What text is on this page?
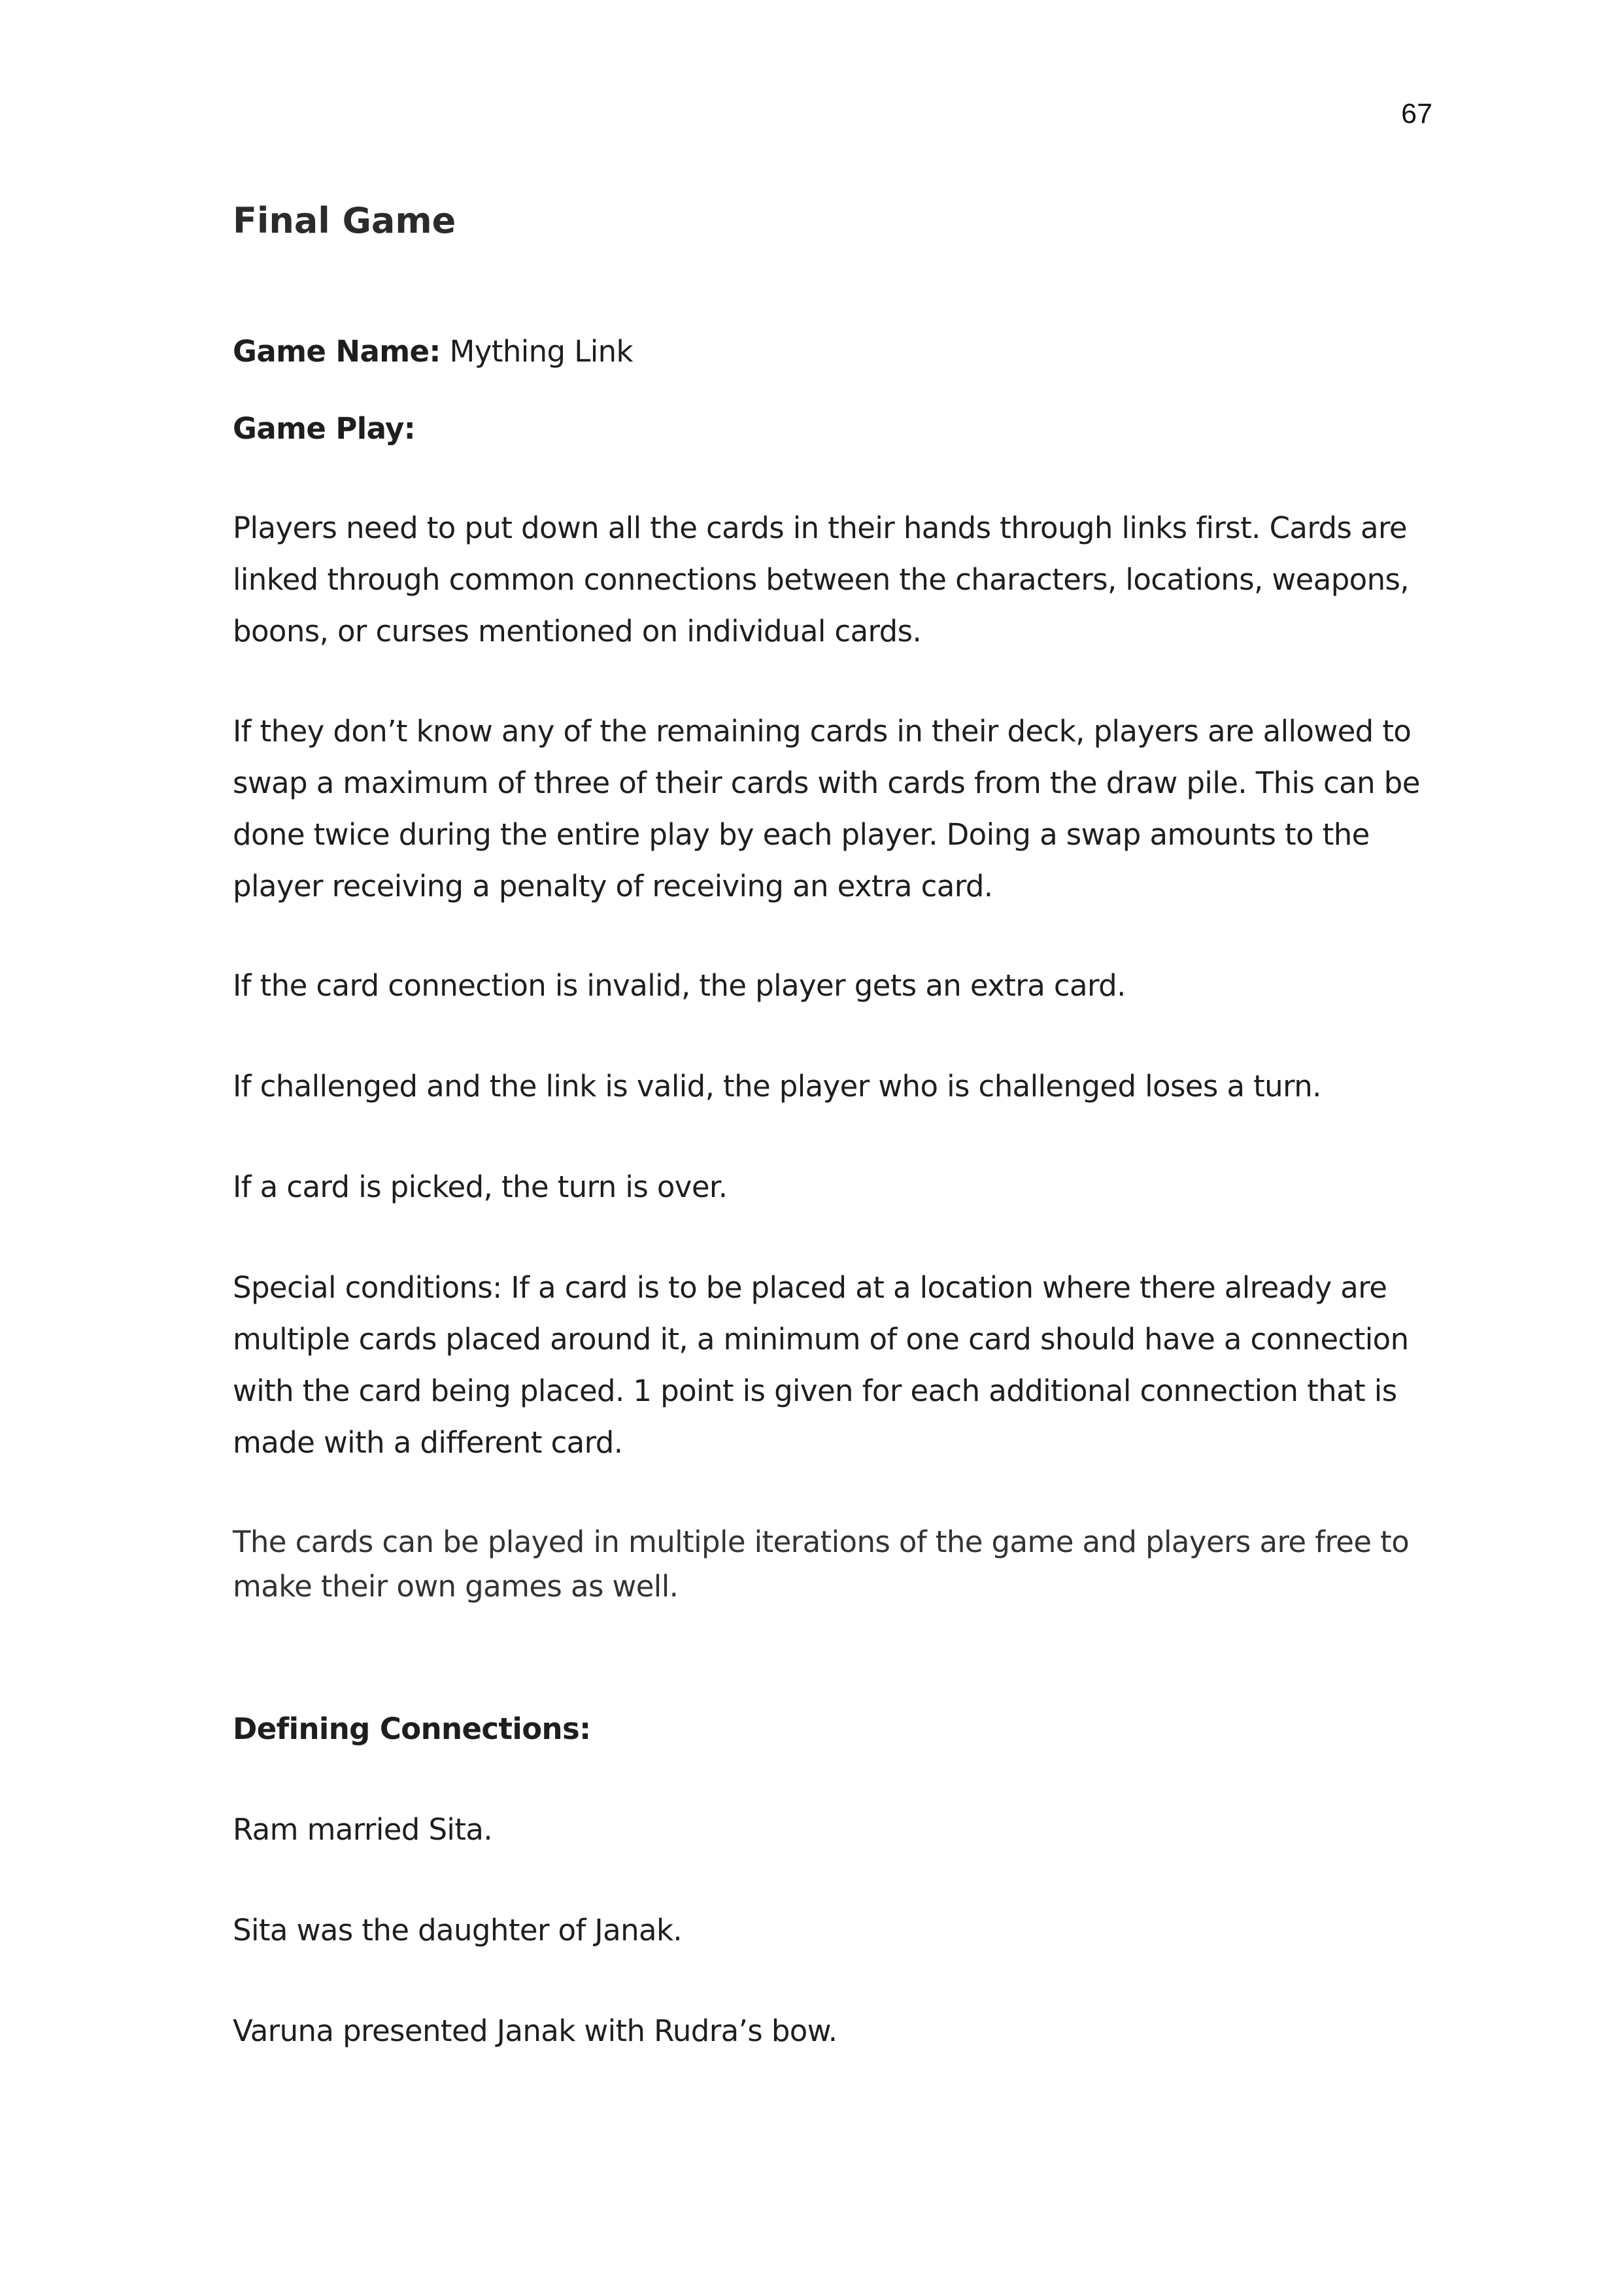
67
Final Game

Game Name: Mything Link

Game Play:

Players need to put down all the cards in their hands through links first. Cards are linked through common connections between the characters, locations, weapons, boons, or curses mentioned on individual cards.

If they don’t know any of the remaining cards in their deck, players are allowed to swap a maximum of three of their cards with cards from the draw pile. This can be done twice during the entire play by each player. Doing a swap amounts to the player receiving a penalty of receiving an extra card.

If the card connection is invalid, the player gets an extra card.

If challenged and the link is valid, the player who is challenged loses a turn.

If a card is picked, the turn is over.

Special conditions: If a card is to be placed at a location where there already are multiple cards placed around it, a minimum of one card should have a connection with the card being placed. 1 point is given for each additional connection that is made with a different card.

The cards can be played in multiple iterations of the game and players are free to make their own games as well.

Defining Connections:

Ram married Sita.

Sita was the daughter of Janak.

Varuna presented Janak with Rudra’s bow.
